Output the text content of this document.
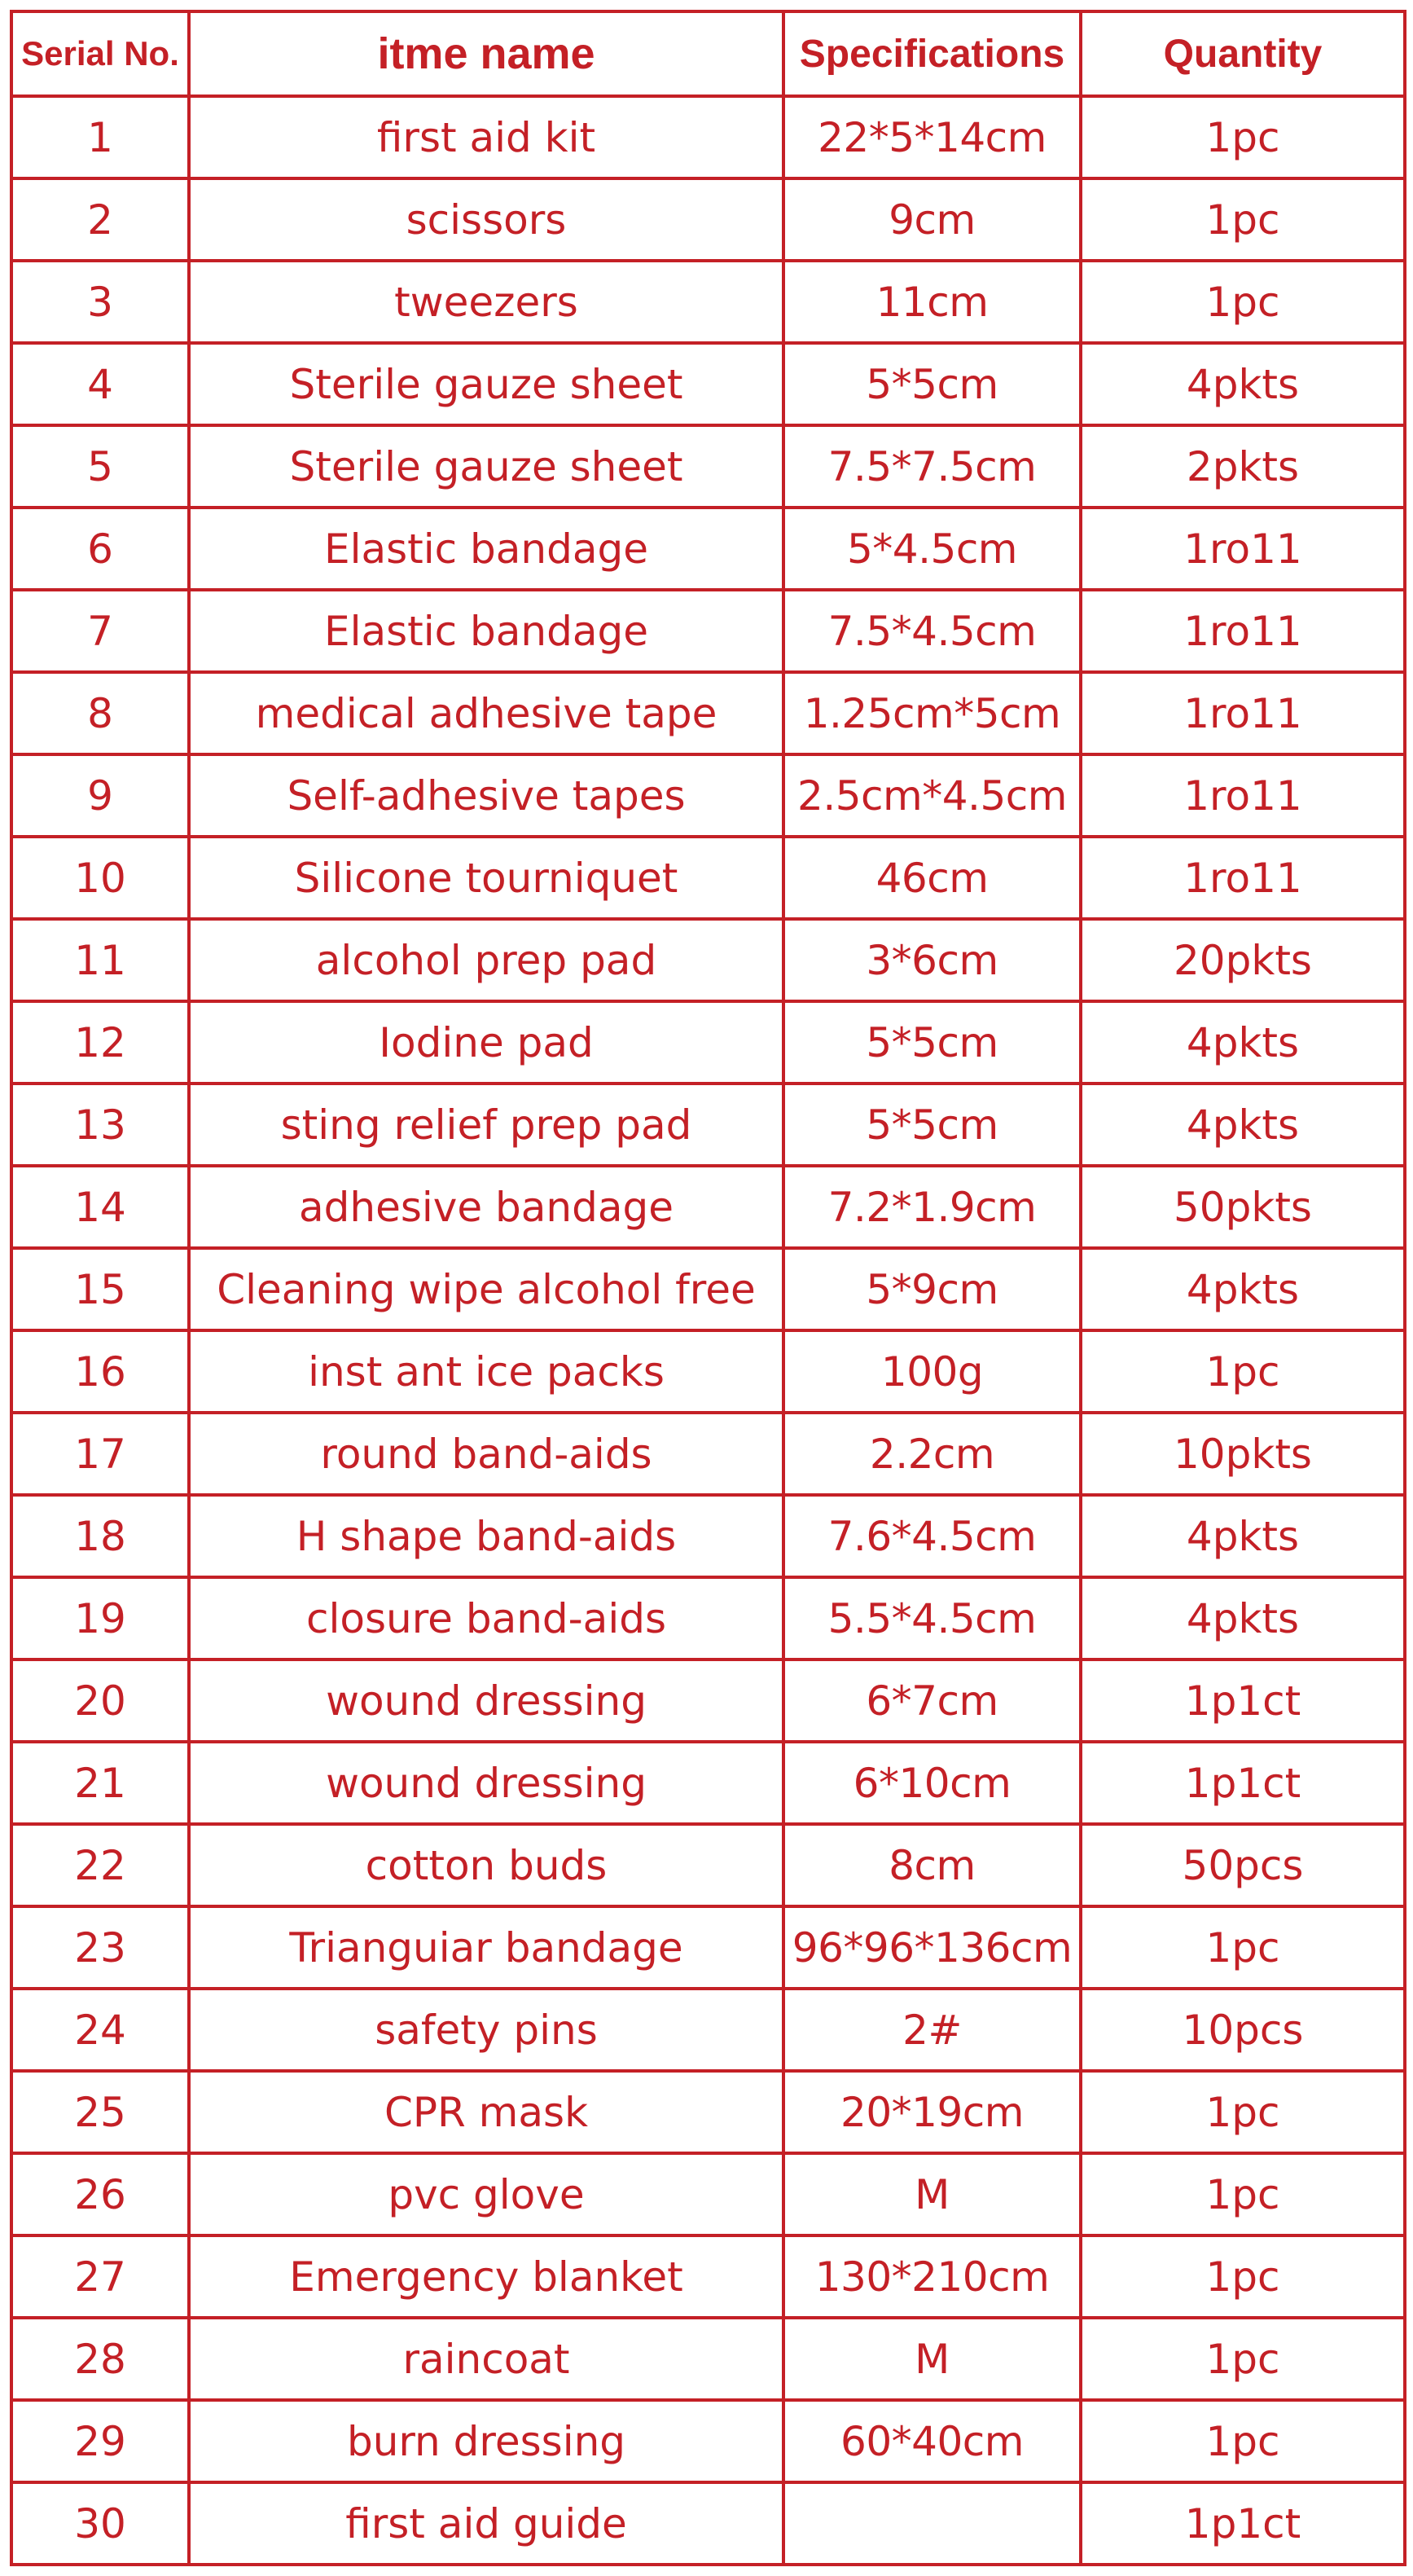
Serial No.	itme name	Specifications	Quantity
1	first aid kit	22*5*14cm	1pc
2	scissors	9cm	1pc
3	tweezers	11cm	1pc
4	Sterile gauze sheet	5*5cm	4pkts
5	Sterile gauze sheet	7.5*7.5cm	2pkts
6	Elastic bandage	5*4.5cm	1ro11
7	Elastic bandage	7.5*4.5cm	1ro11
8	medical adhesive tape	1.25cm*5cm	1ro11
9	Self-adhesive tapes	2.5cm*4.5cm	1ro11
10	Silicone tourniquet	46cm	1ro11
11	alcohol prep pad	3*6cm	20pkts
12	Iodine pad	5*5cm	4pkts
13	sting relief prep pad	5*5cm	4pkts
14	adhesive bandage	7.2*1.9cm	50pkts
15	Cleaning wipe alcohol free	5*9cm	4pkts
16	inst ant ice packs	100g	1pc
17	round band-aids	2.2cm	10pkts
18	H shape band-aids	7.6*4.5cm	4pkts
19	closure band-aids	5.5*4.5cm	4pkts
20	wound dressing	6*7cm	1p1ct
21	wound dressing	6*10cm	1p1ct
22	cotton buds	8cm	50pcs
23	Trianguiar bandage	96*96*136cm	1pc
24	safety pins	2#	10pcs
25	CPR mask	20*19cm	1pc
26	pvc glove	M	1pc
27	Emergency blanket	130*210cm	1pc
28	raincoat	M	1pc
29	burn dressing	60*40cm	1pc
30	first aid guide		1p1ct
